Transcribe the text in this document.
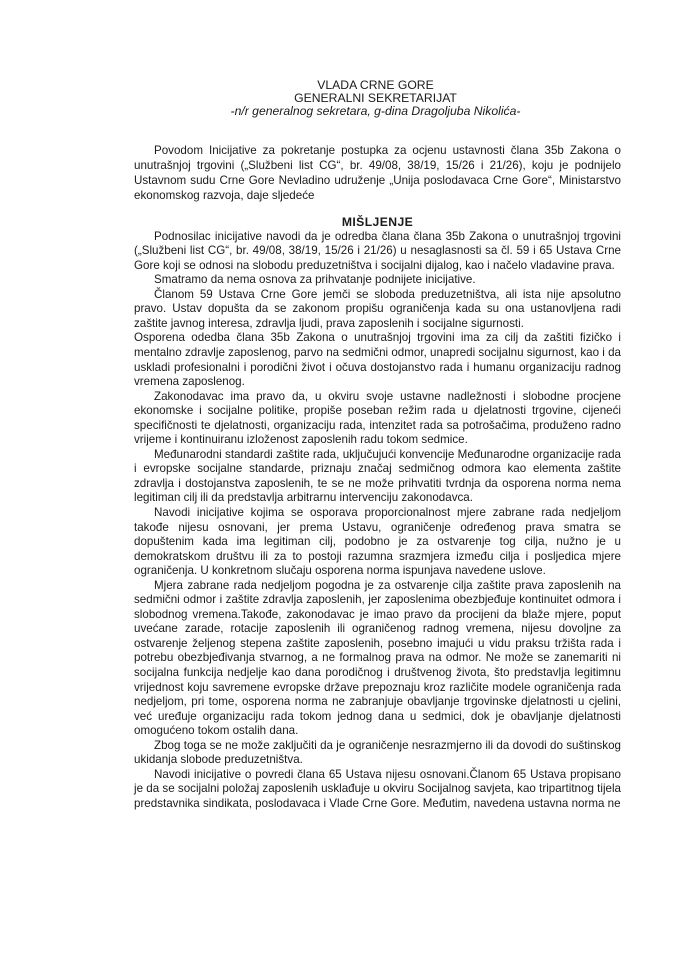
VLADA CRNE GORE
GENERALNI SEKRETARIJAT
-n/r generalnog sekretara, g-dina Dragoljuba Nikolića-

Povodom Inicijative za pokretanje postupka za ocjenu ustavnosti člana 35b Zakona o unutrašnjoj trgovini („Službeni list CG“, br. 49/08, 38/19, 15/26 i 21/26), koju je podnijelo Ustavnom sudu Crne Gore Nevladino udruženje „Unija poslodavaca Crne Gore“, Ministarstvo ekonomskog razvoja, daje sljedeće

MIŠLJENJE

Podnosilac inicijative navodi da je odredba člana člana 35b Zakona o unutrašnjoj trgovini („Službeni list CG“, br. 49/08, 38/19, 15/26 i 21/26) u nesaglasnosti sa čl. 59 i 65 Ustava Crne Gore koji se odnosi na slobodu preduzetništva i socijalni dijalog, kao i načelo vladavine prava.

Smatramo da nema osnova za prihvatanje podnijete inicijative.

Članom 59 Ustava Crne Gore jemči se sloboda preduzetništva, ali ista nije apsolutno pravo. Ustav dopušta da se zakonom propišu ograničenja kada su ona ustanovljena radi zaštite javnog interesa, zdravlja ljudi, prava zaposlenih i socijalne sigurnosti.

Osporena odedba člana 35b Zakona o unutrašnjoj trgovini ima za cilj da zaštiti fizičko i mentalno zdravlje zaposlenog, parvo na sedmični odmor, unapredi socijalnu sigurnost, kao i da uskladi profesionalni i porodični život i očuva dostojanstvo rada i humanu organizaciju radnog vremena zaposlenog.

Zakonodavac ima pravo da, u okviru svoje ustavne nadležnosti i slobodne procjene ekonomske i socijalne politike, propiše poseban režim rada u djelatnosti trgovine, cijeneći specifičnosti te djelatnosti, organizaciju rada, intenzitet rada sa potrošačima, produženo radno vrijeme i kontinuiranu izloženost zaposlenih radu tokom sedmice.

Međunarodni standardi zaštite rada, uključujući konvencije Međunarodne organizacije rada i evropske socijalne standarde, priznaju značaj sedmičnog odmora kao elementa zaštite zdravlja i dostojanstva zaposlenih, te se ne može prihvatiti tvrdnja da osporena norma nema legitiman cilj ili da predstavlja arbitrarnu intervenciju zakonodavca.

Navodi inicijative kojima se osporava proporcionalnost mjere zabrane rada nedjeljom takođe nijesu osnovani, jer prema Ustavu, ograničenje određenog prava smatra se dopuštenim kada ima legitiman cilj, podobno je za ostvarenje tog cilja, nužno je u demokratskom društvu ili za to postoji razumna srazmjera između cilja i posljedica mjere ograničenja. U konkretnom slučaju osporena norma ispunjava navedene uslove.

Mjera zabrane rada nedjeljom pogodna je za ostvarenje cilja zaštite prava zaposlenih na sedmični odmor i zaštite zdravlja zaposlenih, jer zaposlenima obezbjeđuje kontinuitet odmora i slobodnog vremena.Takođe, zakonodavac je imao pravo da procijeni da blaže mjere, poput uvećane zarade, rotacije zaposlenih ili ograničenog radnog vremena, nijesu dovoljne za ostvarenje željenog stepena zaštite zaposlenih, posebno imajući u vidu praksu tržišta rada i potrebu obezbjeđivanja stvarnog, a ne formalnog prava na odmor. Ne može se zanemariti ni socijalna funkcija nedjelje kao dana porodičnog i društvenog života, što predstavlja legitimnu vrijednost koju savremene evropske države prepoznaju kroz različite modele ograničenja rada nedjeljom, pri tome, osporena norma ne zabranjuje obavljanje trgovinske djelatnosti u cjelini, već uređuje organizaciju rada tokom jednog dana u sedmici, dok je obavljanje djelatnosti omogućeno tokom ostalih dana.

Zbog toga se ne može zaključiti da je ograničenje nesrazmjerno ili da dovodi do suštinskog ukidanja slobode preduzetništva.

Navodi inicijative o povredi člana 65 Ustava nijesu osnovani.Članom 65 Ustava propisano je da se socijalni položaj zaposlenih usklađuje u okviru Socijalnog savjeta, kao tripartitnog tijela predstavnika sindikata, poslodavaca i Vlade Crne Gore. Međutim, navedena ustavna norma ne
